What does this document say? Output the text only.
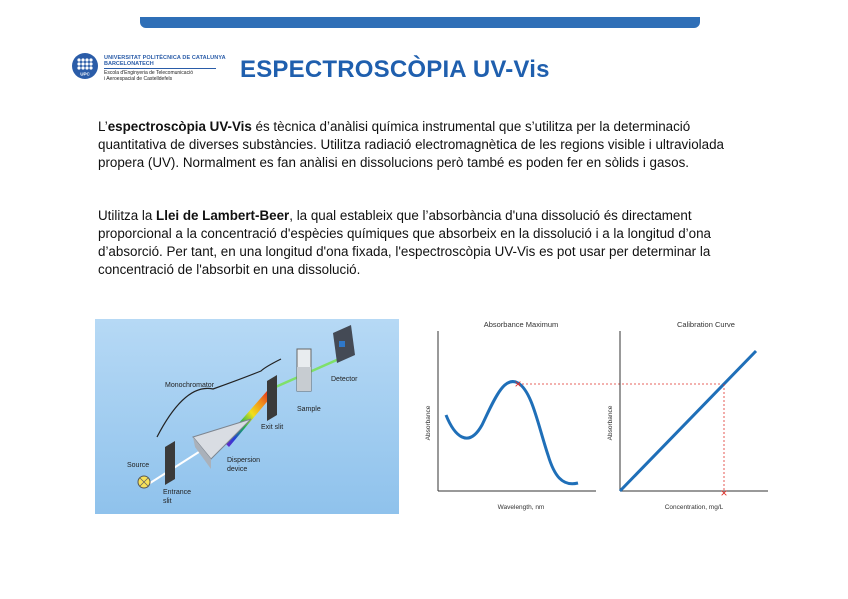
UPC
UNIVERSITAT POLITÈCNICA DE CATALUNYA
BARCELONATECH
Escola d'Enginyeria de Telecomunicació
i Aeroespacial de Castelldefels	ESPECTROSCÒPIA UV-Vis

L’espectroscòpia UV-Vis és tècnica d’anàlisi química instrumental que s’utilitza per la determinació quantitativa de diverses substàncies. Utilitza radiació electromagnètica de les regions visible i ultraviolada propera (UV). Normalment es fan anàlisi en dissolucions però també es poden fer en sòlids i gasos.

Utilitza la Llei de Lambert-Beer, la qual estableix que l’absorbància d'una dissolució és directament proporcional a la concentració d'espècies químiques que absorbeix en la dissolució i a la longitud d’ona d’absorció. Per tant, en una longitud d'ona fixada, l'espectroscòpia UV-Vis es pot usar per determinar la concentració de l'absorbit en una dissolució.

Monochromator
Detector
Sample
Exit slit
Dispersion
device
Source
Entrance
slit
Absorbance Maximum
Absorbance
Wavelength, nm
×
Calibration Curve
Absorbance
Concentration, mg/L
×
